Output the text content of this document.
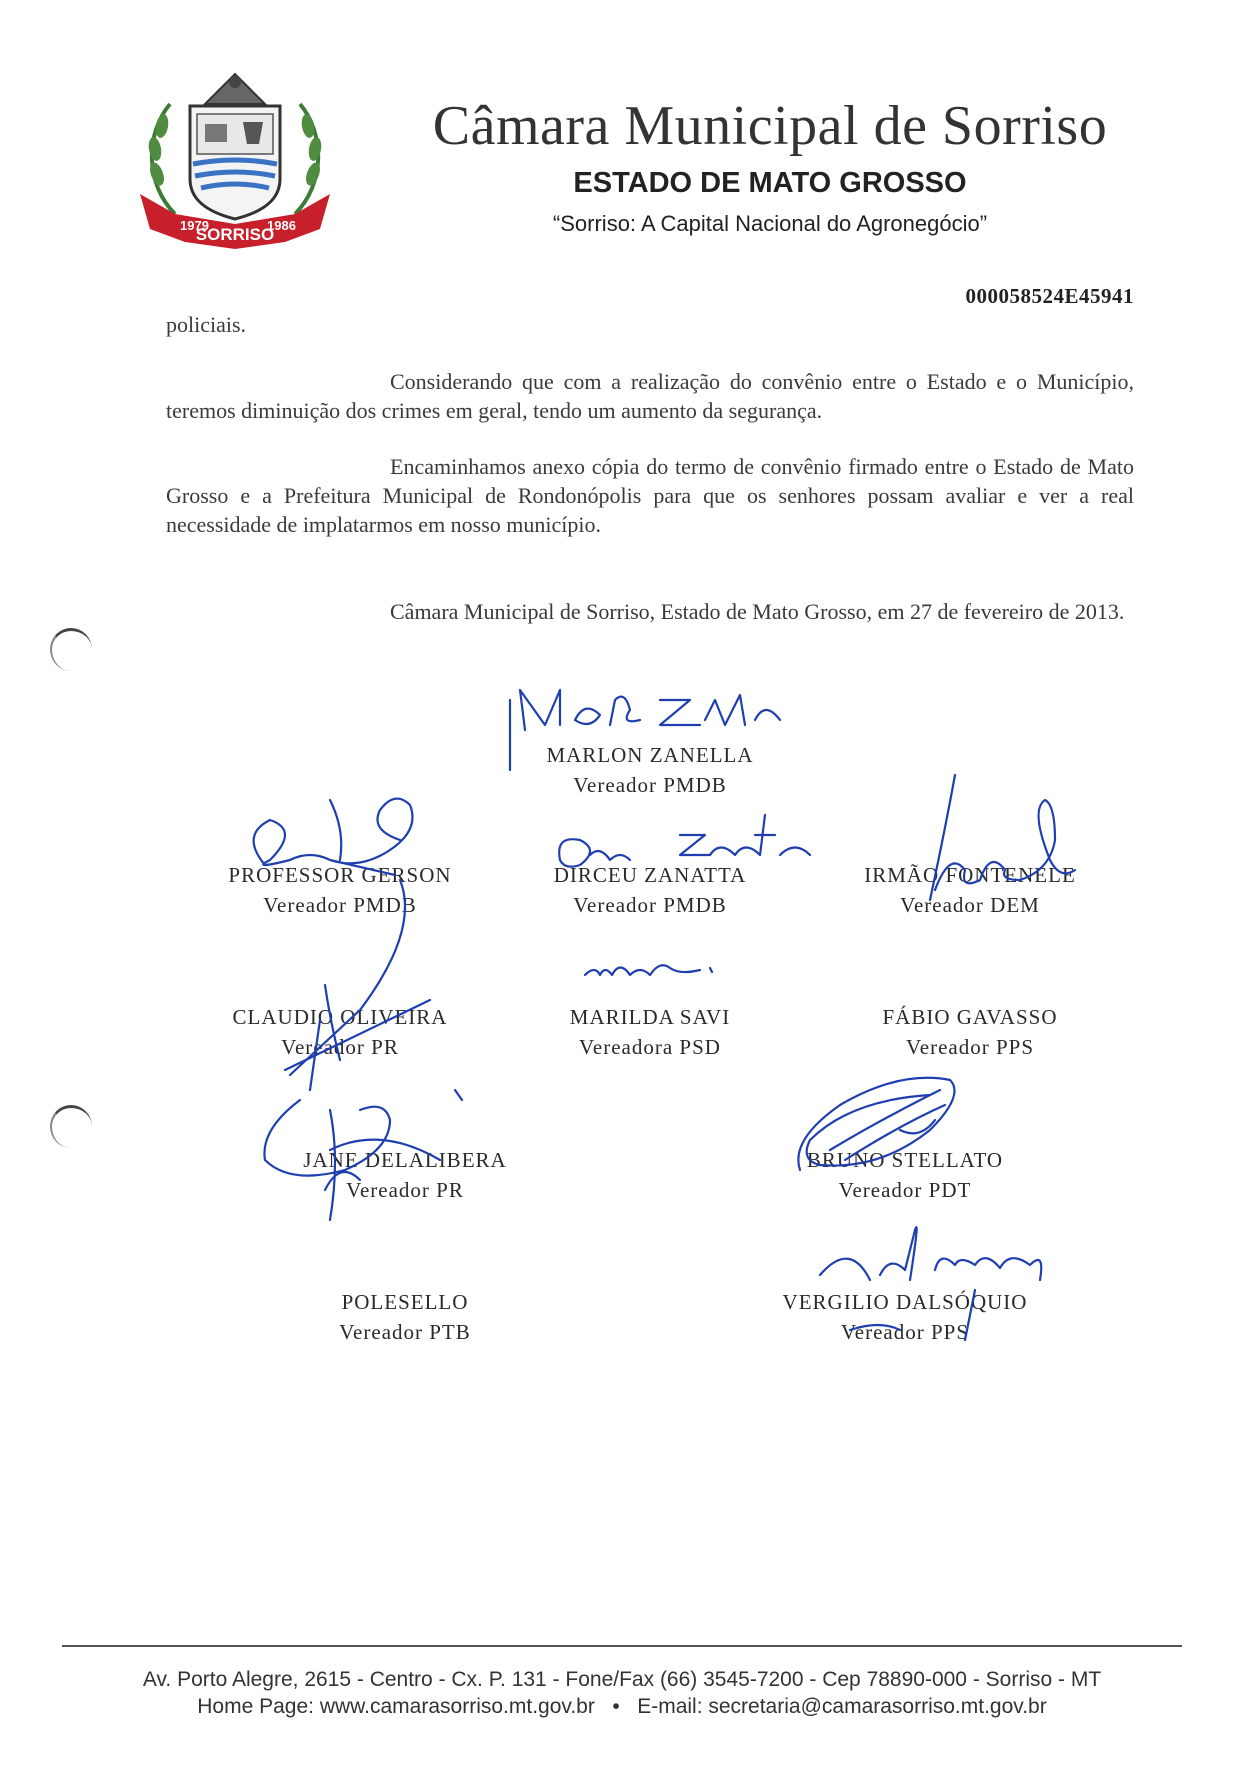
1979
SORRISO
1986
Câmara Municipal de Sorriso
ESTADO DE MATO GROSSO
“Sorriso: A Capital Nacional do Agronegócio”
000058524E45941
policiais.
Considerando que com a realização do convênio entre o Estado e o Município, teremos diminuição dos crimes em geral, tendo um aumento da segurança.
Encaminhamos anexo cópia do termo de convênio firmado entre o Estado de Mato Grosso e a Prefeitura Municipal de Rondonópolis para que os senhores possam avaliar e ver a real necessidade de implatarmos em nosso município.
Câmara Municipal de Sorriso, Estado de Mato Grosso, em 27 de fevereiro de 2013.
MARLON ZANELLA
Vereador PMDB
PROFESSOR GERSON
Vereador PMDB
DIRCEU ZANATTA
Vereador PMDB
IRMÃO FONTENELE
Vereador DEM
CLAUDIO OLIVEIRA
Vereador PR
MARILDA SAVI
Vereadora PSD
FÁBIO GAVASSO
Vereador PPS
JANE DELALIBERA
Vereador PR
BRUNO STELLATO
Vereador PDT
POLESELLO
Vereador PTB
VERGILIO DALSÓQUIO
Vereador PPS
Av. Porto Alegre, 2615 - Centro - Cx. P. 131 - Fone/Fax (66) 3545-7200 - Cep 78890-000 - Sorriso - MT
Home Page: www.camarasorriso.mt.gov.br   •   E-mail: secretaria@camarasorriso.mt.gov.br
